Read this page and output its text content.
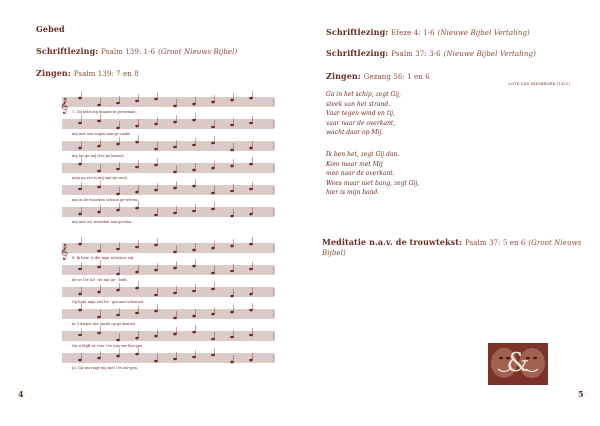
Gebed
Schriftlezing: Psalm 139: 1-6 (Groot Nieuws Bijbel)
Zingen: Psalm 139: 7 en 8
LOTE VAN BIESBROEK (1921)
𝄞 7. Gij hebt mij binnen-in gevormde;
mij met een zegen aan-ge-raakt,
mij tot ge-mij-d-te ge-bouwd
mijn na-ree is mij aan-ge-roed,
mij in de woorden schoon ge-weven,
mij met uw woorden aan-ge-zien.
𝄞 8. Ik ben! O die mijn schrijver zijt,
de-ze Uw lof - de mij ge - leidt,
Gij hebt mijn ziel be - gin aan-schouwd,
in 't diepst der aarde op-ge-bouwd,
Nu-u blijft er voor Uw oog ver-bor-gen,
Ja, Gij om-ringt mij met Uw zor-gen.
4
Schriftlezing: Efeze 4: 1-6 (Nieuwe Bijbel Vertaling)
Schriftlezing: Psalm 37: 3-6 (Nieuwe Bijbel Vertaling)
Zingen: Gezang 56: 1 en 6
Ga in het schip, zegt Gij,
steek van het strand.
Vaar tegen wind en tij,
vaar naar de overkant,
wacht daar op Mij.
Ik ben het, zegt Gij dan.
Kom maar met Mij
mee naar de overkant.
Wees maar niet bang, zegt Gij,
hier is mijn band.
Meditatie n.a.v. de trouwtekst: Psalm 37: 5 en 6 (Groot Nieuws Bijbel)
&
5
